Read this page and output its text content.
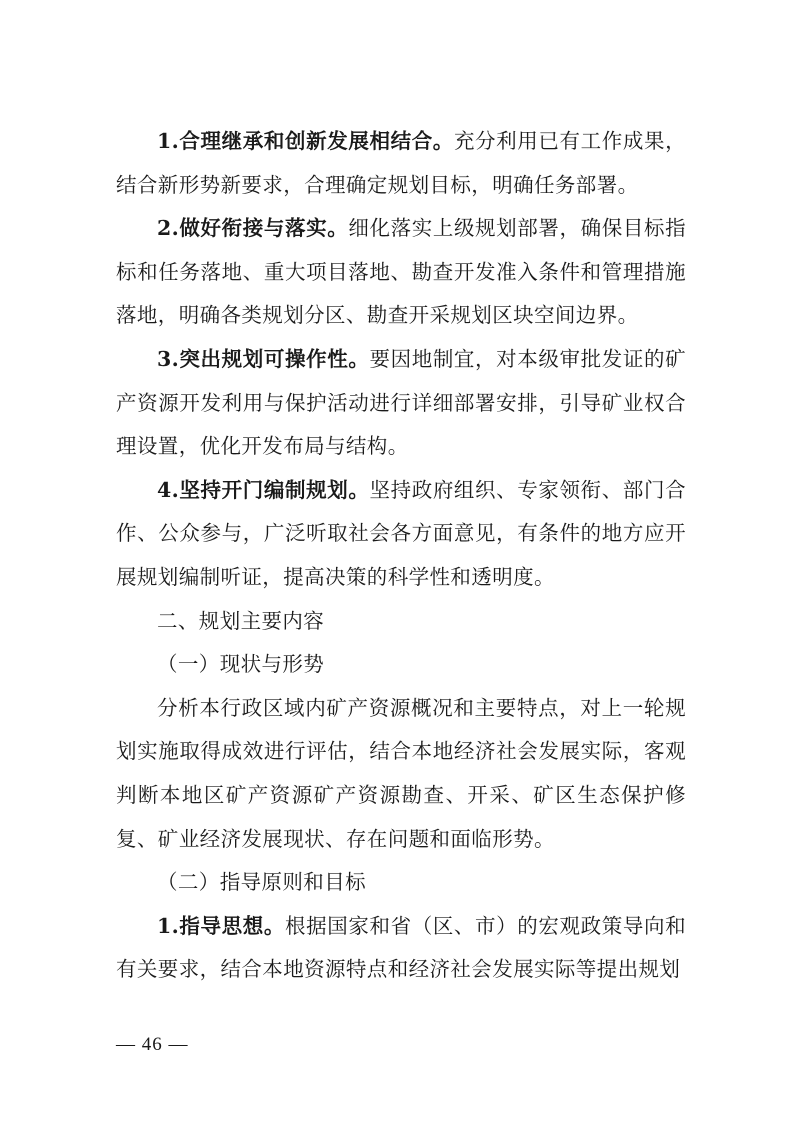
1.合理继承和创新发展相结合。充分利用已有工作成果，结合新形势新要求，合理确定规划目标，明确任务部署。

2.做好衔接与落实。细化落实上级规划部署，确保目标指标和任务落地、重大项目落地、勘查开发准入条件和管理措施落地，明确各类规划分区、勘查开采规划区块空间边界。

3.突出规划可操作性。要因地制宜，对本级审批发证的矿产资源开发利用与保护活动进行详细部署安排，引导矿业权合理设置，优化开发布局与结构。

4.坚持开门编制规划。坚持政府组织、专家领衔、部门合作、公众参与，广泛听取社会各方面意见，有条件的地方应开展规划编制听证，提高决策的科学性和透明度。

二、规划主要内容

（一）现状与形势

分析本行政区域内矿产资源概况和主要特点，对上一轮规划实施取得成效进行评估，结合本地经济社会发展实际，客观判断本地区矿产资源矿产资源勘查、开采、矿区生态保护修复、矿业经济发展现状、存在问题和面临形势。

（二）指导原则和目标

1.指导思想。根据国家和省（区、市）的宏观政策导向和有关要求，结合本地资源特点和经济社会发展实际等提出规划

— 46 —
